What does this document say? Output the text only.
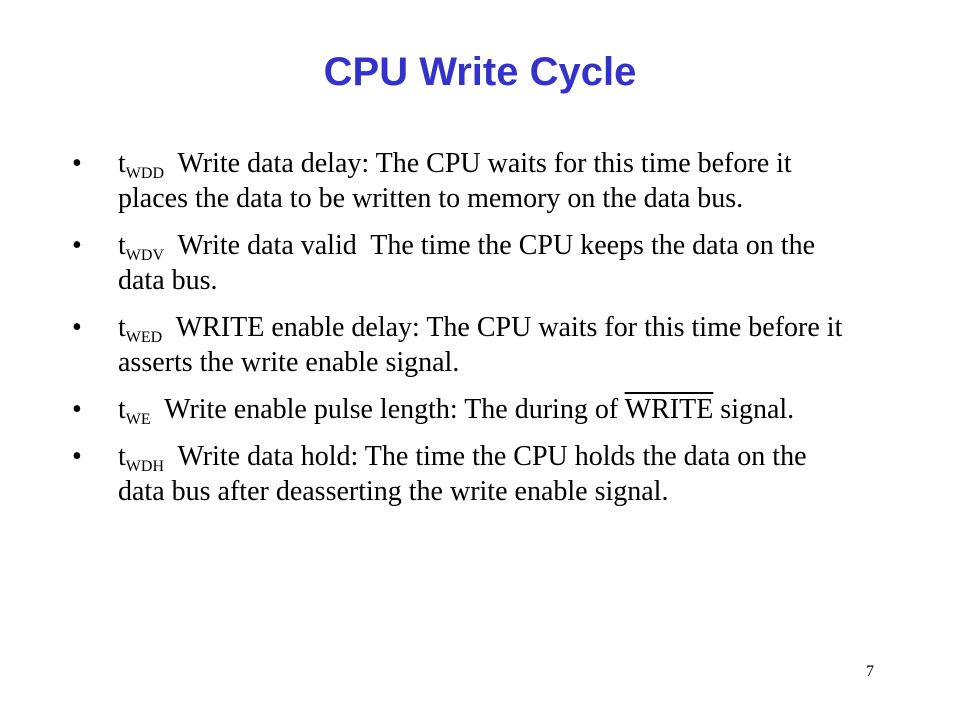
CPU Write Cycle
•	$t_{WDD}$  Write data delay: The CPU waits for this time before it places the data to be written to memory on the data bus.
•	$t_{WDV}$  Write data valid  The time the CPU keeps the data on the data bus.
•	$t_{WED}$  WRITE enable delay: The CPU waits for this time before it asserts the write enable signal.
•	$t_{WE}$  Write enable pulse length: The during of WRITE signal.
•	$t_{WDH}$  Write data hold: The time the CPU holds the data on the data bus after deasserting the write enable signal.
7
